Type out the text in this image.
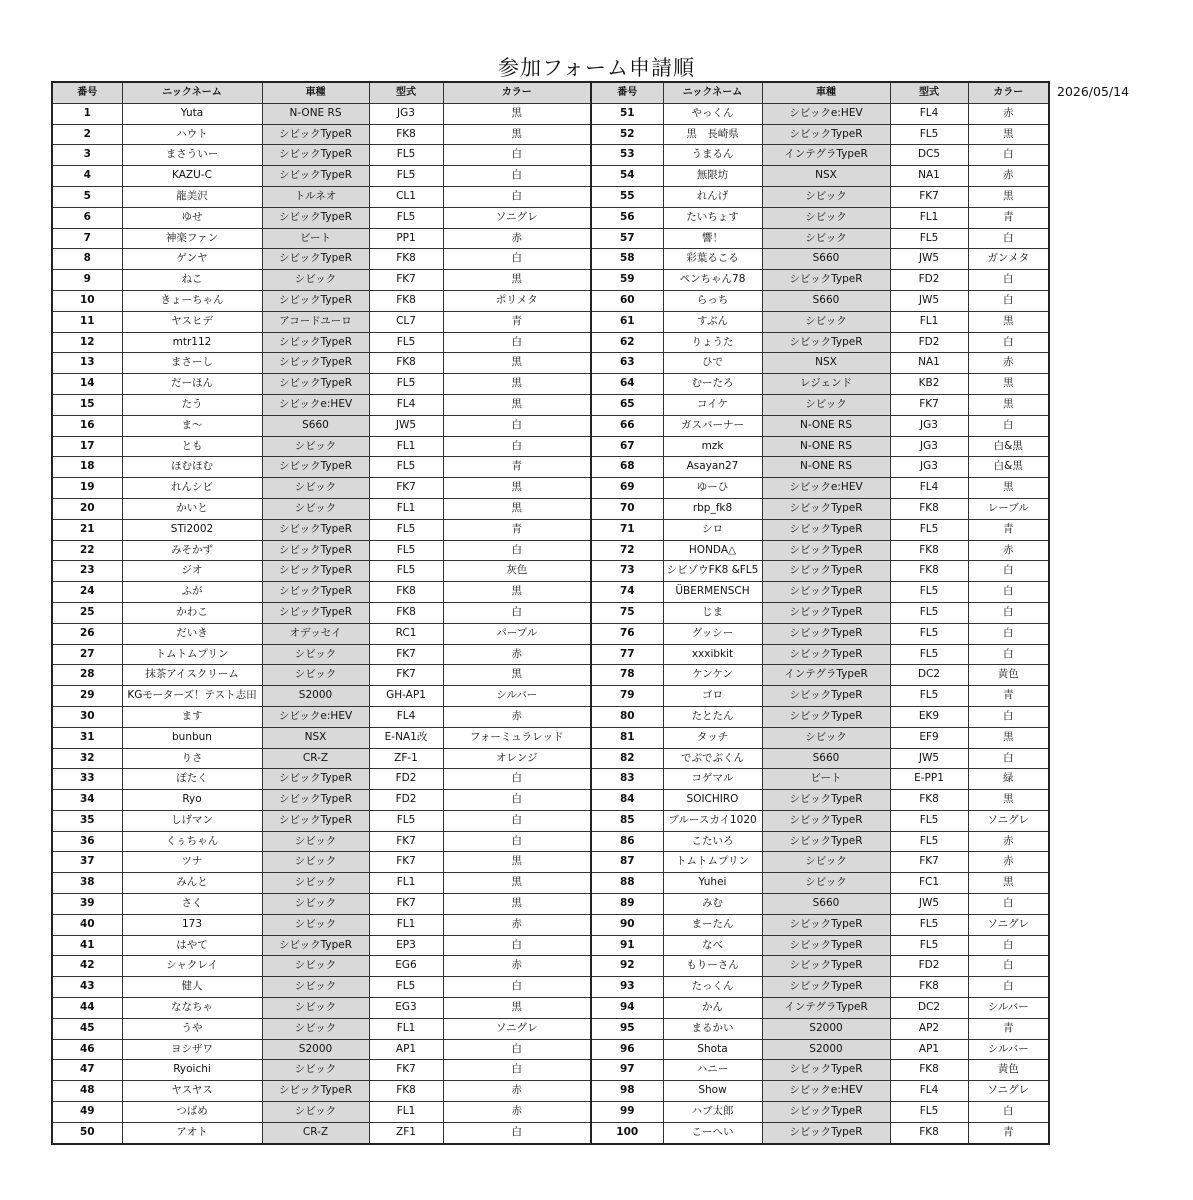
参加フォーム申請順
2026/05/14
番号	ニックネーム	車種	型式	カラー	番号	ニックネーム	車種	型式	カラー
1	Yuta	N-ONE RS	JG3	黒	51	やっくん	シビックe:HEV	FL4	赤
2	ハウト	シビックTypeR	FK8	黒	52	黒　長崎県	シビックTypeR	FL5	黒
3	まさういー	シビックTypeR	FL5	白	53	うまるん	インテグラTypeR	DC5	白
4	KAZU-C	シビックTypeR	FL5	白	54	無限坊	NSX	NA1	赤
5	龍美沢	トルネオ	CL1	白	55	れんげ	シビック	FK7	黒
6	ゆせ	シビックTypeR	FL5	ソニグレ	56	たいちょす	シビック	FL1	青
7	神楽ファン	ビート	PP1	赤	57	響！	シビック	FL5	白
8	ゲンヤ	シビックTypeR	FK8	白	58	彩葉るこる	S660	JW5	ガンメタ
9	ねこ	シビック	FK7	黒	59	ペンちゃん78	シビックTypeR	FD2	白
10	きょーちゃん	シビックTypeR	FK8	ポリメタ	60	らっち	S660	JW5	白
11	ヤスヒデ	アコードユーロ	CL7	青	61	すぶん	シビック	FL1	黒
12	mtr112	シビックTypeR	FL5	白	62	りょうた	シビックTypeR	FD2	白
13	まさーし	シビックTypeR	FK8	黒	63	ひで	NSX	NA1	赤
14	だーほん	シビックTypeR	FL5	黒	64	むーたろ	レジェンド	KB2	黒
15	たう	シビックe:HEV	FL4	黒	65	コイケ	シビック	FK7	黒
16	ま〜	S660	JW5	白	66	ガスバーナー	N-ONE RS	JG3	白
17	とも	シビック	FL1	白	67	mzk	N-ONE RS	JG3	白&黒
18	ほむほむ	シビックTypeR	FL5	青	68	Asayan27	N-ONE RS	JG3	白&黒
19	れんシビ	シビック	FK7	黒	69	ゆーひ	シビックe:HEV	FL4	黒
20	かいと	シビック	FL1	黒	70	rbp_fk8	シビックTypeR	FK8	レーブル
21	STi2002	シビックTypeR	FL5	青	71	シロ	シビックTypeR	FL5	青
22	みそかず	シビックTypeR	FL5	白	72	HONDA△	シビックTypeR	FK8	赤
23	ジオ	シビックTypeR	FL5	灰色	73	シビゾウFK8 &FL5	シビックTypeR	FK8	白
24	ふが	シビックTypeR	FK8	黒	74	ÜBERMENSCH	シビックTypeR	FL5	白
25	かわこ	シビックTypeR	FK8	白	75	じま	シビックTypeR	FL5	白
26	だいき	オデッセイ	RC1	パープル	76	グッシー	シビックTypeR	FL5	白
27	トムトムプリン	シビック	FK7	赤	77	xxxibkit	シビックTypeR	FL5	白
28	抹茶アイスクリーム	シビック	FK7	黒	78	ケンケン	インテグラTypeR	DC2	黄色
29	KGモーターズ！テスト志田	S2000	GH-AP1	シルバー	79	ゴロ	シビックTypeR	FL5	青
30	ます	シビックe:HEV	FL4	赤	80	たとたん	シビックTypeR	EK9	白
31	bunbun	NSX	E-NA1改	フォーミュラレッド	81	タッチ	シビック	EF9	黒
32	りさ	CR-Z	ZF-1	オレンジ	82	でぶでぶくん	S660	JW5	白
33	ぽたく	シビックTypeR	FD2	白	83	コゲマル	ビート	E-PP1	緑
34	Ryo	シビックTypeR	FD2	白	84	SOICHIRO	シビックTypeR	FK8	黒
35	しげマン	シビックTypeR	FL5	白	85	ブルースカイ1020	シビックTypeR	FL5	ソニグレ
36	くぅちゃん	シビック	FK7	白	86	こたいろ	シビックTypeR	FL5	赤
37	ツナ	シビック	FK7	黒	87	トムトムプリン	シビック	FK7	赤
38	みんと	シビック	FL1	黒	88	Yuhei	シビック	FC1	黒
39	さく	シビック	FK7	黒	89	みむ	S660	JW5	白
40	173	シビック	FL1	赤	90	まーたん	シビックTypeR	FL5	ソニグレ
41	はやて	シビックTypeR	EP3	白	91	なべ	シビックTypeR	FL5	白
42	シャクレイ	シビック	EG6	赤	92	もりーさん	シビックTypeR	FD2	白
43	健人	シビック	FL5	白	93	たっくん	シビックTypeR	FK8	白
44	ななちゃ	シビック	EG3	黒	94	かん	インテグラTypeR	DC2	シルバー
45	うや	シビック	FL1	ソニグレ	95	まるかい	S2000	AP2	青
46	ヨシザワ	S2000	AP1	白	96	Shota	S2000	AP1	シルバー
47	Ryoichi	シビック	FK7	白	97	ハニー	シビックTypeR	FK8	黄色
48	ヤスヤス	シビックTypeR	FK8	赤	98	Show	シビックe:HEV	FL4	ソニグレ
49	つばめ	シビック	FL1	赤	99	ハブ太郎	シビックTypeR	FL5	白
50	アオト	CR-Z	ZF1	白	100	こーへい	シビックTypeR	FK8	青
